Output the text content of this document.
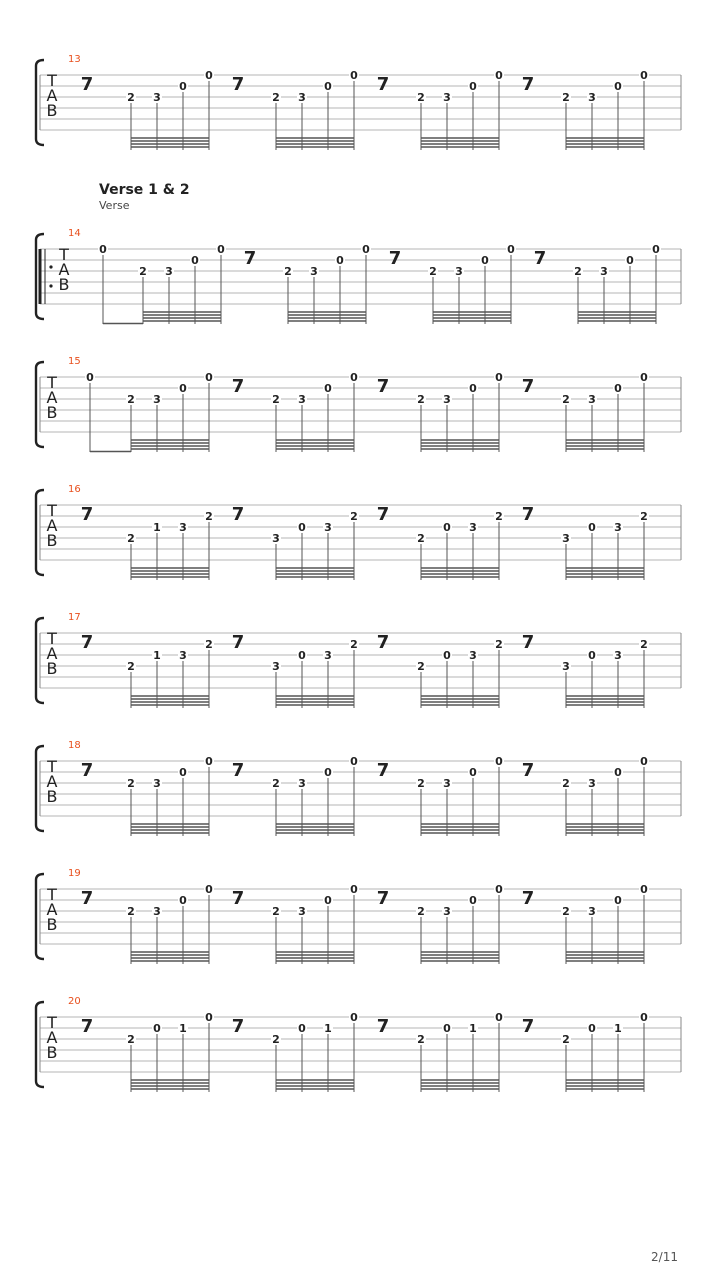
13
T
A
B
7
2 3
0
0 7
2 3
0
0 7
2 3
0
0 7
2 3
0
0
14
T
A
B
0
2 3
0
0 7
2 3
0
0 7
2 3
0
0 7
2 3
0
0
15
T
A
B
0
2 3
0
0 7
2 3
0
0 7
2 3
0
0 7
2 3
0
0
16
T
A
B
7
2
1 3
2 7
3
0 3
2 7
2
0 3
2 7
3
0 3
2
17
T
A
B
7
2
1 3
2 7
3
0 3
2 7
2
0 3
2 7
3
0 3
2
18
T
A
B
7
2 3
0
0 7
2 3
0
0 7
2 3
0
0 7
2 3
0
0
19
T
A
B
7
2 3
0
0 7
2 3
0
0 7
2 3
0
0 7
2 3
0
0
20
T
A
B
7
2
0 1
0 7
2
0 1
0 7
2
0 1
0 7
2
0 1
0
Verse 1 & 2
Verse
2/11
